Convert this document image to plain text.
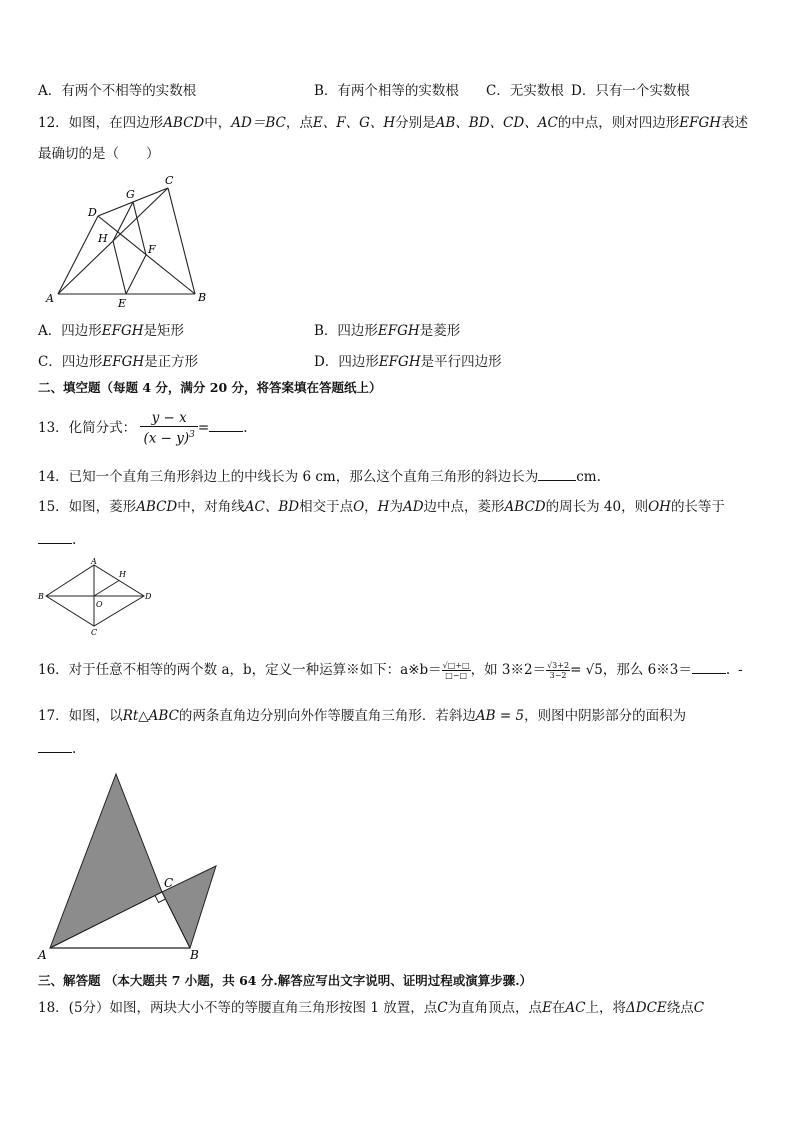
A．有两个不相等的实数根	B．有两个相等的实数根 C．无实数根 D．只有一个实数根
12．如图，在四边形ABCD中，AD＝BC，点E、F、G、H分别是AB、BD、CD、AC的中点，则对四边形EFGH表述
最确切的是（　　）
A	B
C
D
E
F
G
H
A．四边形EFGH是矩形	B．四边形EFGH是菱形
C．四边形EFGH是正方形	D．四边形EFGH是平行四边形
二、填空题（每题 4 分，满分 20 分，将答案填在答题纸上）
13．化简分式： $\frac{y - x}{(x - y)^3}$ =	.
14．已知一个直角三角形斜边上的中线长为 6 cm，那么这个直角三角形的斜边长为	cm.
15．如图，菱形ABCD中，对角线AC、BD相交于点O，H为AD边中点，菱形ABCD的周长为 40，则OH的长等于
.
A
B
C
D
O
H
16．对于任意不相等的两个数 a，b，定义一种运算※如下：a※b＝ $\frac{√□+□}{□-□}$ ，如 3※2＝ $\frac{√3+2}{3-2} = √5$，那么 6※3＝	. -
17．如图，以Rt△ABC的两条直角边分别向外作等腰直角三角形．若斜边AB = 5，则图中阴影部分的面积为
.
A	B
C
三、解答题 （本大题共 7 小题，共 64 分.解答应写出文字说明、证明过程或演算步骤.）
18．(5分）如图，两块大小不等的等腰直角三角形按图 1 放置，点C为直角顶点，点E在AC上，将ΔDCE绕点C
